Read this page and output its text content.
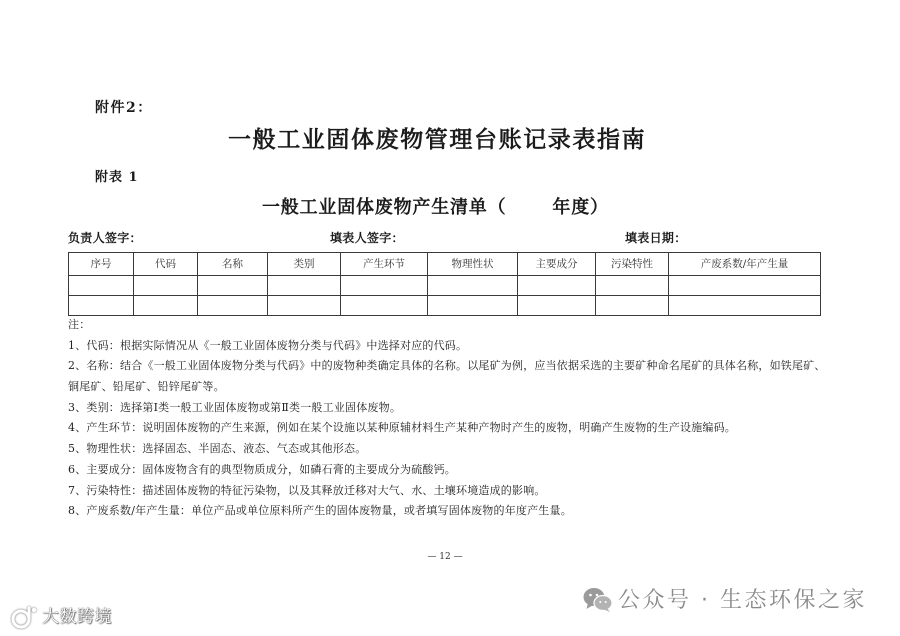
附件2：
一般工业固体废物管理台账记录表指南
附表 1
一般工业固体废物产生清单（	年度）
负责人签字：	填表人签字：	填表日期：
序号	代码	名称	类别	产生环节	物理性状	主要成分	污染特性	产废系数/年产生量

注：
1、代码：根据实际情况从《一般工业固体废物分类与代码》中选择对应的代码。
2、名称：结合《一般工业固体废物分类与代码》中的废物种类确定具体的名称。以尾矿为例，应当依据采选的主要矿种命名尾矿的具体名称，如铁尾矿、
铜尾矿、铅尾矿、铅锌尾矿等。
3、类别：选择第Ⅰ类一般工业固体废物或第Ⅱ类一般工业固体废物。
4、产生环节：说明固体废物的产生来源，例如在某个设施以某种原辅材料生产某种产物时产生的废物，明确产生废物的生产设施编码。
5、物理性状：选择固态、半固态、液态、气态或其他形态。
6、主要成分：固体废物含有的典型物质成分，如磷石膏的主要成分为硫酸钙。
7、污染特性：描述固体废物的特征污染物，以及其释放迁移对大气、水、土壤环境造成的影响。
8、产废系数/年产生量：单位产品或单位原料所产生的固体废物量，或者填写固体废物的年度产生量。
— 12 —
公众号 · 生态环保之家
大数跨境
